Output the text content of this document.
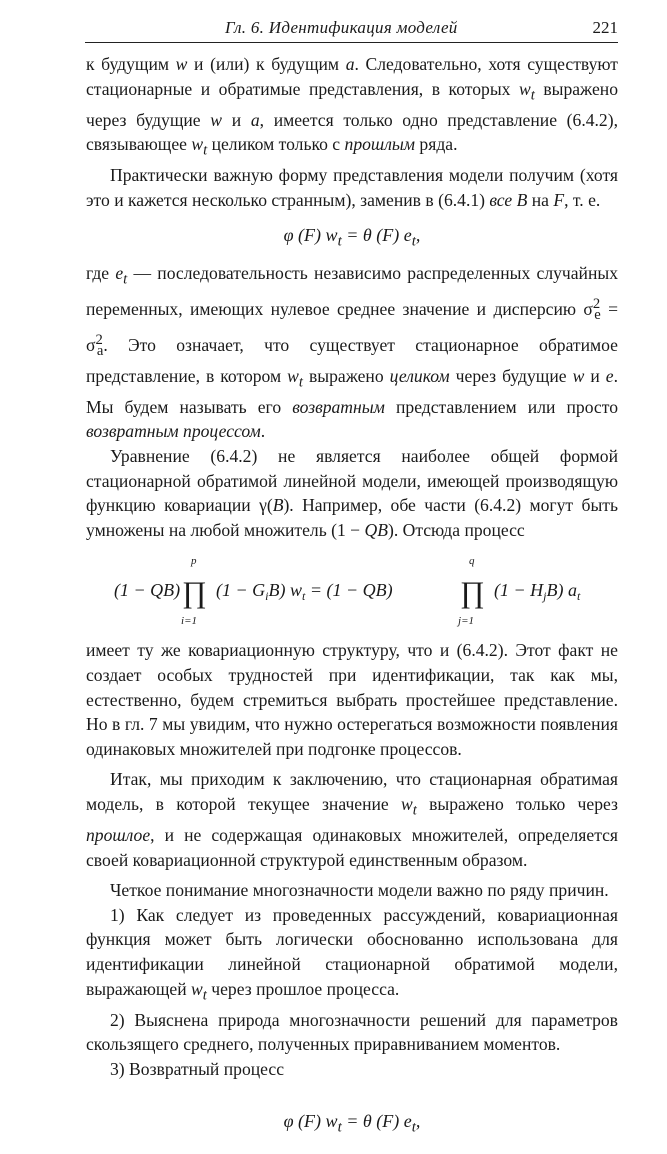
Гл. 6. Идентификация моделей	221

к будущим w и (или) к будущим a. Следовательно, хотя существуют стационарные и обратимые представления, в которых $w_t$ выражено через будущие w и a, имеется только одно представление (6.4.2), связывающее $w_t$ целиком только с прошлым ряда.

Практически важную форму представления модели получим (хотя это и кажется несколько странным), заменив в (6.4.1) все B на F, т. е.

φ (F) $w_t = \theta$ (F) $e_t$,

где $e_t$ — последовательность независимо распределенных случайных переменных, имеющих нулевое среднее значение и дисперсию $\sigma^2_e = \sigma^2_a$. Это означает, что существует стационарное обратимое представление, в котором $w_t$ выражено целиком через будущие w и e. Мы будем называть его возвратным представлением или просто возвратным процессом.

Уравнение (6.4.2) не является наиболее общей формой стационарной обратимой линейной модели, имеющей производящую функцию ковариации γ(B). Например, обе части (6.4.2) могут быть умножены на любой множитель (1 − QB). Отсюда процесс

(1 − QB)
p
∏
i=1
$(1 - G_iB)$ $w_t = (1 - QB)$
q
∏
j=1
$(1 - H_jB)$ $a_t$

имеет ту же ковариационную структуру, что и (6.4.2). Этот факт не создает особых трудностей при идентификации, так как мы, естественно, будем стремиться выбрать простейшее представление. Но в гл. 7 мы увидим, что нужно остерегаться возможности появления одинаковых множителей при подгонке процессов.

Итак, мы приходим к заключению, что стационарная обратимая модель, в которой текущее значение $w_t$ выражено только через прошлое, и не содержащая одинаковых множителей, определяется своей ковариационной структурой единственным образом.

Четкое понимание многозначности модели важно по ряду причин.

1) Как следует из проведенных рассуждений, ковариационная функция может быть логически обоснованно использована для идентификации линейной стационарной обратимой модели, выражающей $w_t$ через прошлое процесса.

2) Выяснена природа многозначности решений для параметров скользящего среднего, полученных приравниванием моментов.

3) Возвратный процесс

φ (F) $w_t = \theta$ (F) $e_t$,
